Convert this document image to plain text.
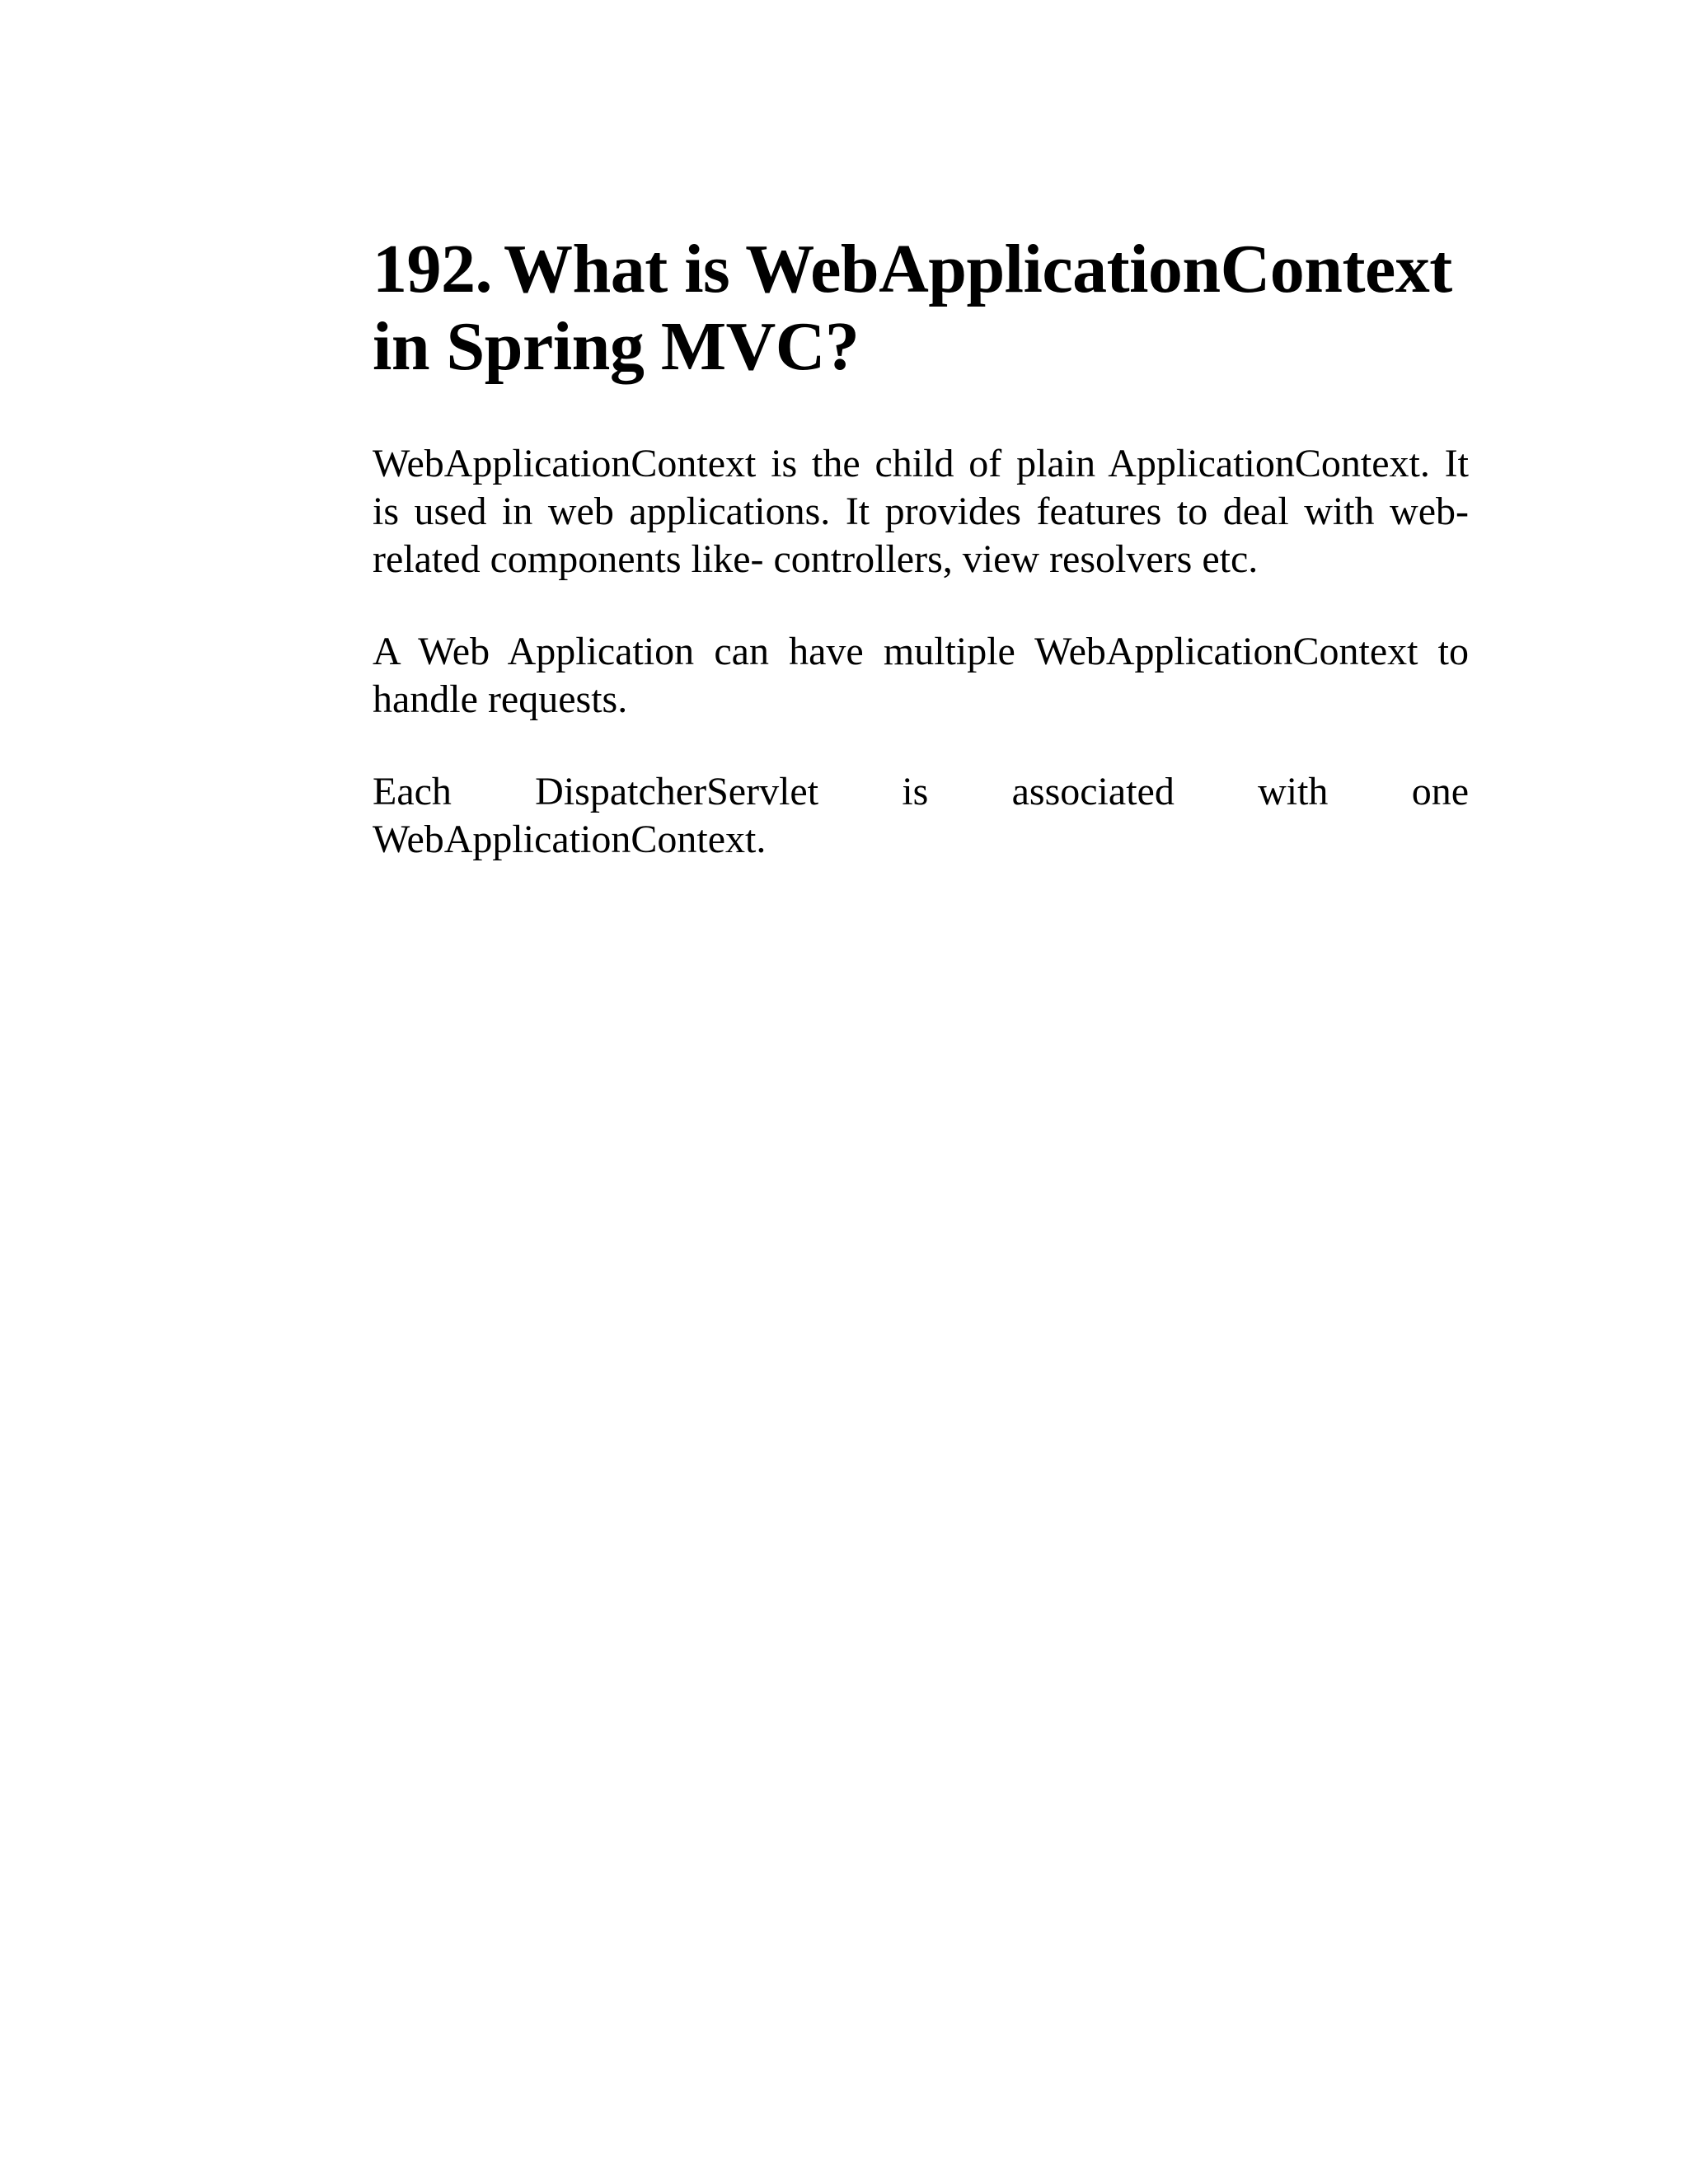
192. What is WebApplicationContext in Spring MVC?

WebApplicationContext is the child of plain ApplicationContext. It is used in web applications. It provides features to deal with web-related components like- controllers, view resolvers etc.

A Web Application can have multiple WebApplicationContext to handle requests.

Each DispatcherServlet is associated with one WebApplicationContext.
